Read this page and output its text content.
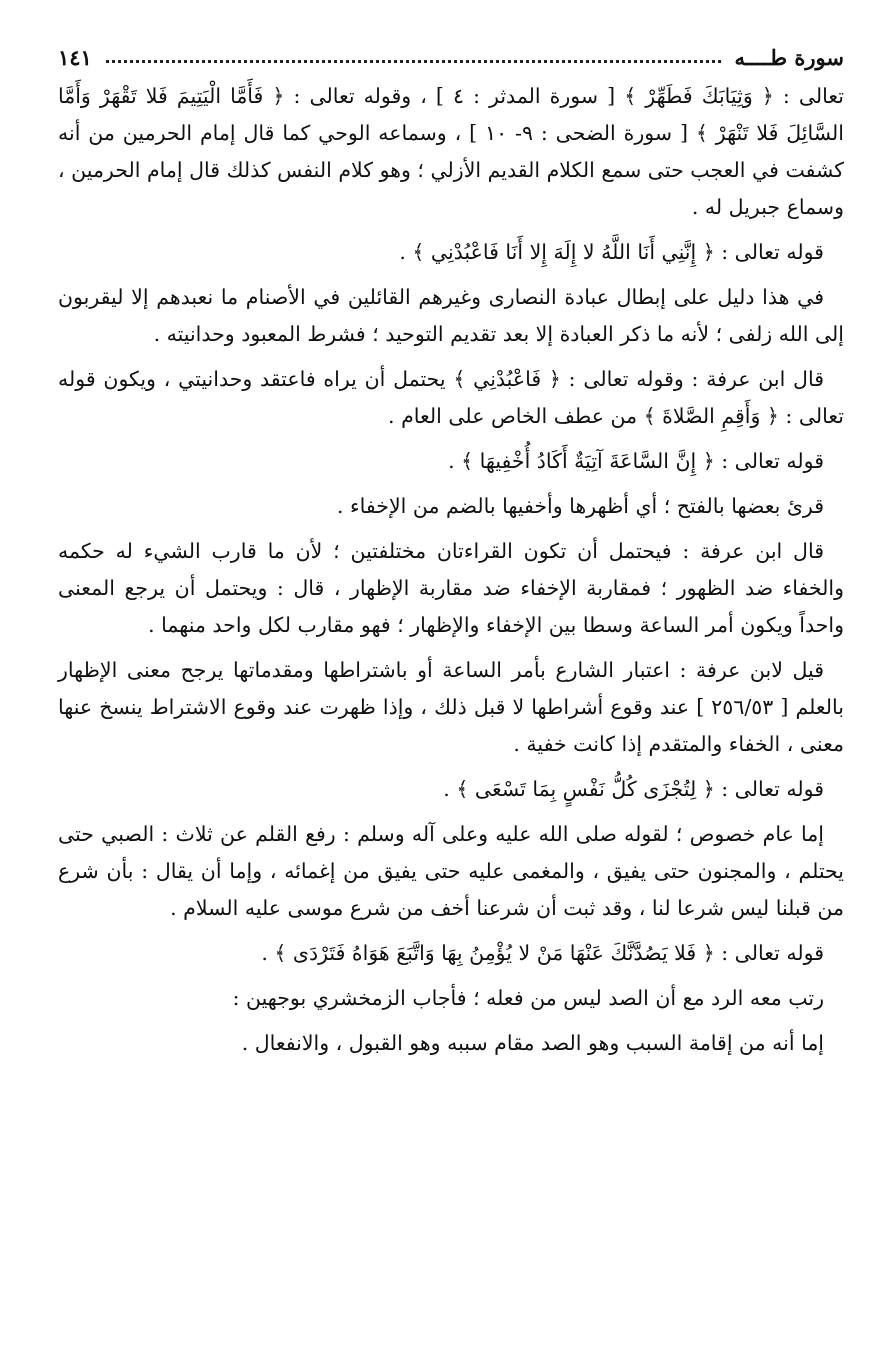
سورة طــــه
١٤١

تعالى : ﴿ وَثِيَابَكَ فَطَهِّرْ ﴾ [ سورة المدثر : ٤ ] ، وقوله تعالى : ﴿ فَأَمَّا الْيَتِيمَ فَلا تَقْهَرْ وَأَمَّا السَّائِلَ فَلا تَنْهَرْ ﴾ [ سورة الضحى : ٩- ١٠ ] ، وسماعه الوحي كما قال إمام الحرمين من أنه كشفت في العجب حتى سمع الكلام القديم الأزلي ؛ وهو كلام النفس كذلك قال إمام الحرمين ، وسماع جبريل له .

قوله تعالى : ﴿ إِنَّنِي أَنَا اللَّهُ لا إِلَهَ إِلا أَنَا فَاعْبُدْنِي ﴾ .

في هذا دليل على إبطال عبادة النصارى وغيرهم القائلين في الأصنام ما نعبدهم إلا ليقربون إلى الله زلفى ؛ لأنه ما ذكر العبادة إلا بعد تقديم التوحيد ؛ فشرط المعبود وحدانيته .

قال ابن عرفة : وقوله تعالى : ﴿ فَاعْبُدْنِي ﴾ يحتمل أن يراه فاعتقد وحدانيتي ، ويكون قوله تعالى : ﴿ وَأَقِمِ الصَّلاةَ ﴾ من عطف الخاص على العام .

قوله تعالى : ﴿ إِنَّ السَّاعَةَ آتِيَةٌ أَكَادُ أُخْفِيهَا ﴾ .

قرئ بعضها بالفتح ؛ أي أظهرها وأخفيها بالضم من الإخفاء .

قال ابن عرفة : فيحتمل أن تكون القراءتان مختلفتين ؛ لأن ما قارب الشيء له حكمه والخفاء ضد الظهور ؛ فمقاربة الإخفاء ضد مقاربة الإظهار ، قال : ويحتمل أن يرجع المعنى واحداً ويكون أمر الساعة وسطا بين الإخفاء والإظهار ؛ فهو مقارب لكل واحد منهما .

قيل لابن عرفة : اعتبار الشارع بأمر الساعة أو باشتراطها ومقدماتها يرجح معنى الإظهار بالعلم [ ٢٥٦/٥٣ ] عند وقوع أشراطها لا قبل ذلك ، وإذا ظهرت عند وقوع الاشتراط ينسخ عنها معنى ، الخفاء والمتقدم إذا كانت خفية .

قوله تعالى : ﴿ لِتُجْزَى كُلُّ نَفْسٍ بِمَا تَسْعَى ﴾ .

إما عام خصوص ؛ لقوله صلى الله عليه وعلى آله وسلم : رفع القلم عن ثلاث : الصبي حتى يحتلم ، والمجنون حتى يفيق ، والمغمى عليه حتى يفيق من إغمائه ، وإما أن يقال : بأن شرع من قبلنا ليس شرعا لنا ، وقد ثبت أن شرعنا أخف من شرع موسى عليه السلام .

قوله تعالى : ﴿ فَلا يَصُدَّنَّكَ عَنْهَا مَنْ لا يُؤْمِنُ بِهَا وَاتَّبَعَ هَوَاهُ فَتَرْدَى ﴾ .

رتب معه الرد مع أن الصد ليس من فعله ؛ فأجاب الزمخشري بوجهين :

إما أنه من إقامة السبب وهو الصد مقام سببه وهو القبول ، والانفعال .
